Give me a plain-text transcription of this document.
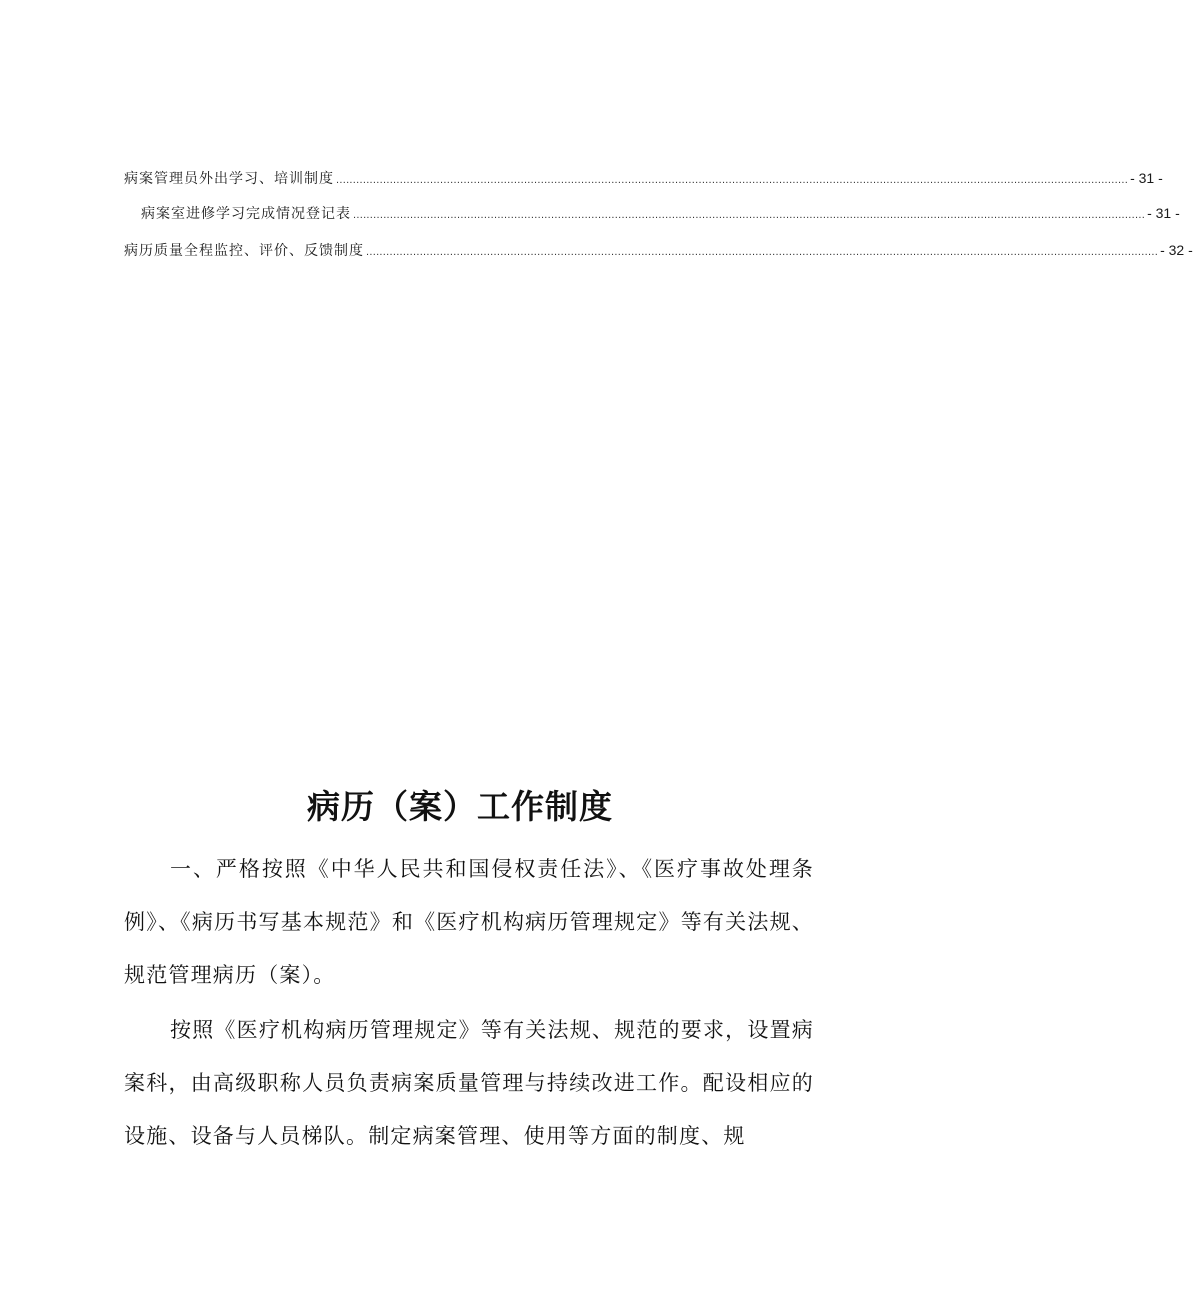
病案管理员外出学习、培训制度 ............................................................................................................................................................................................................................................ - 31 -
病案室进修学习完成情况登记表 ............................................................................................................................................................................................................................................ - 31 -
病历质量全程监控、评价、反馈制度 ............................................................................................................................................................................................................................................ - 32 -
病历（案）工作制度

一、严格按照《中华人民共和国侵权责任法》、《医疗事故处理条例》、《病历书写基本规范》和《医疗机构病历管理规定》等有关法规、规范管理病历（案）。

按照《医疗机构病历管理规定》等有关法规、规范的要求，设置病案科，由高级职称人员负责病案质量管理与持续改进工作。配设相应的设施、设备与人员梯队。制定病案管理、使用等方面的制度、规
